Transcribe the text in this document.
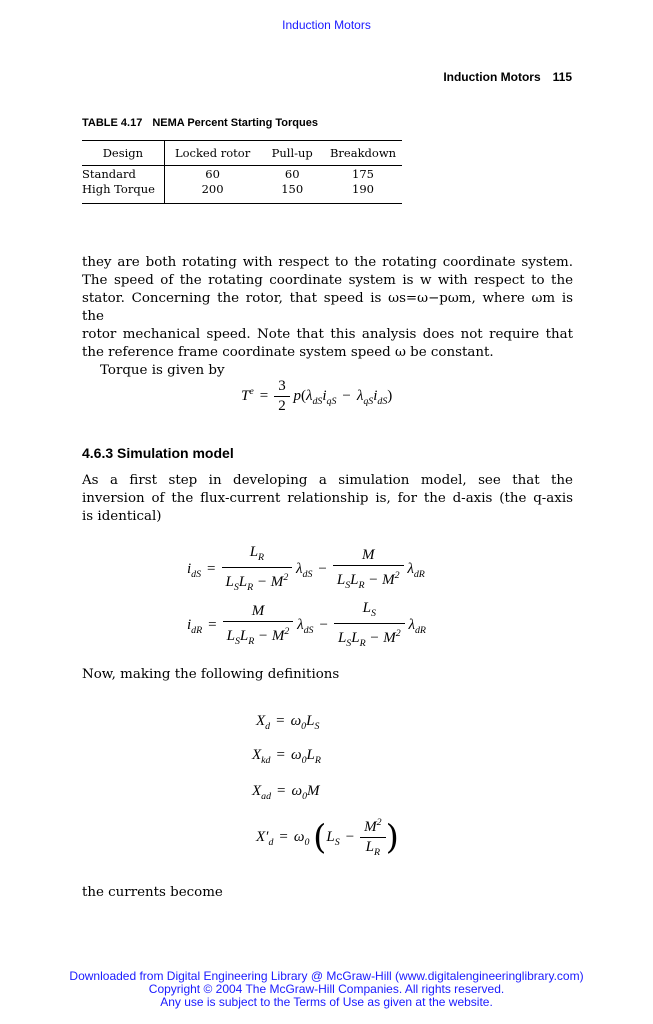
Induction Motors
Induction Motors 115
TABLE 4.17 NEMA Percent Starting Torques
Design	Locked rotor	Pull-up	Breakdown
Standard	60	60	175
High Torque	200	150	190
they are both rotating with respect to the rotating coordinate system.
The speed of the rotating coordinate system is w with respect to the
stator. Concerning the rotor, that speed is ωs=ω−pωm, where ωm is the
rotor mechanical speed. Note that this analysis does not require that
the reference frame coordinate system speed ω be constant.
Torque is given by
$T^e = \frac{3}{2} p(\lambda_{dS}i_{qS} - \lambda_{qS}i_{dS})$
4.6.3 Simulation model
As a first step in developing a simulation model, see that the
inversion of the flux-current relationship is, for the d-axis (the q-axis
is identical)
$i_{dS} = \frac{L_R}{L_SL_R - M^2} \lambda_{dS} - \frac{M}{L_SL_R - M^2} \lambda_{dR}$
$i_{dR} = \frac{M}{L_SL_R - M^2} \lambda_{dS} - \frac{L_S}{L_SL_R - M^2} \lambda_{dR}$
Now, making the following definitions
$X_d = \omega_0L_S$
$X_{kd} = \omega_0L_R$
$X_{ad} = \omega_0M$
$X'_d = \omega_0$ ($L_S - \frac{M^2}{L_R}$ )
the currents become
Downloaded from Digital Engineering Library @ McGraw-Hill (www.digitalengineeringlibrary.com)
Copyright © 2004 The McGraw-Hill Companies. All rights reserved.
Any use is subject to the Terms of Use as given at the website.
